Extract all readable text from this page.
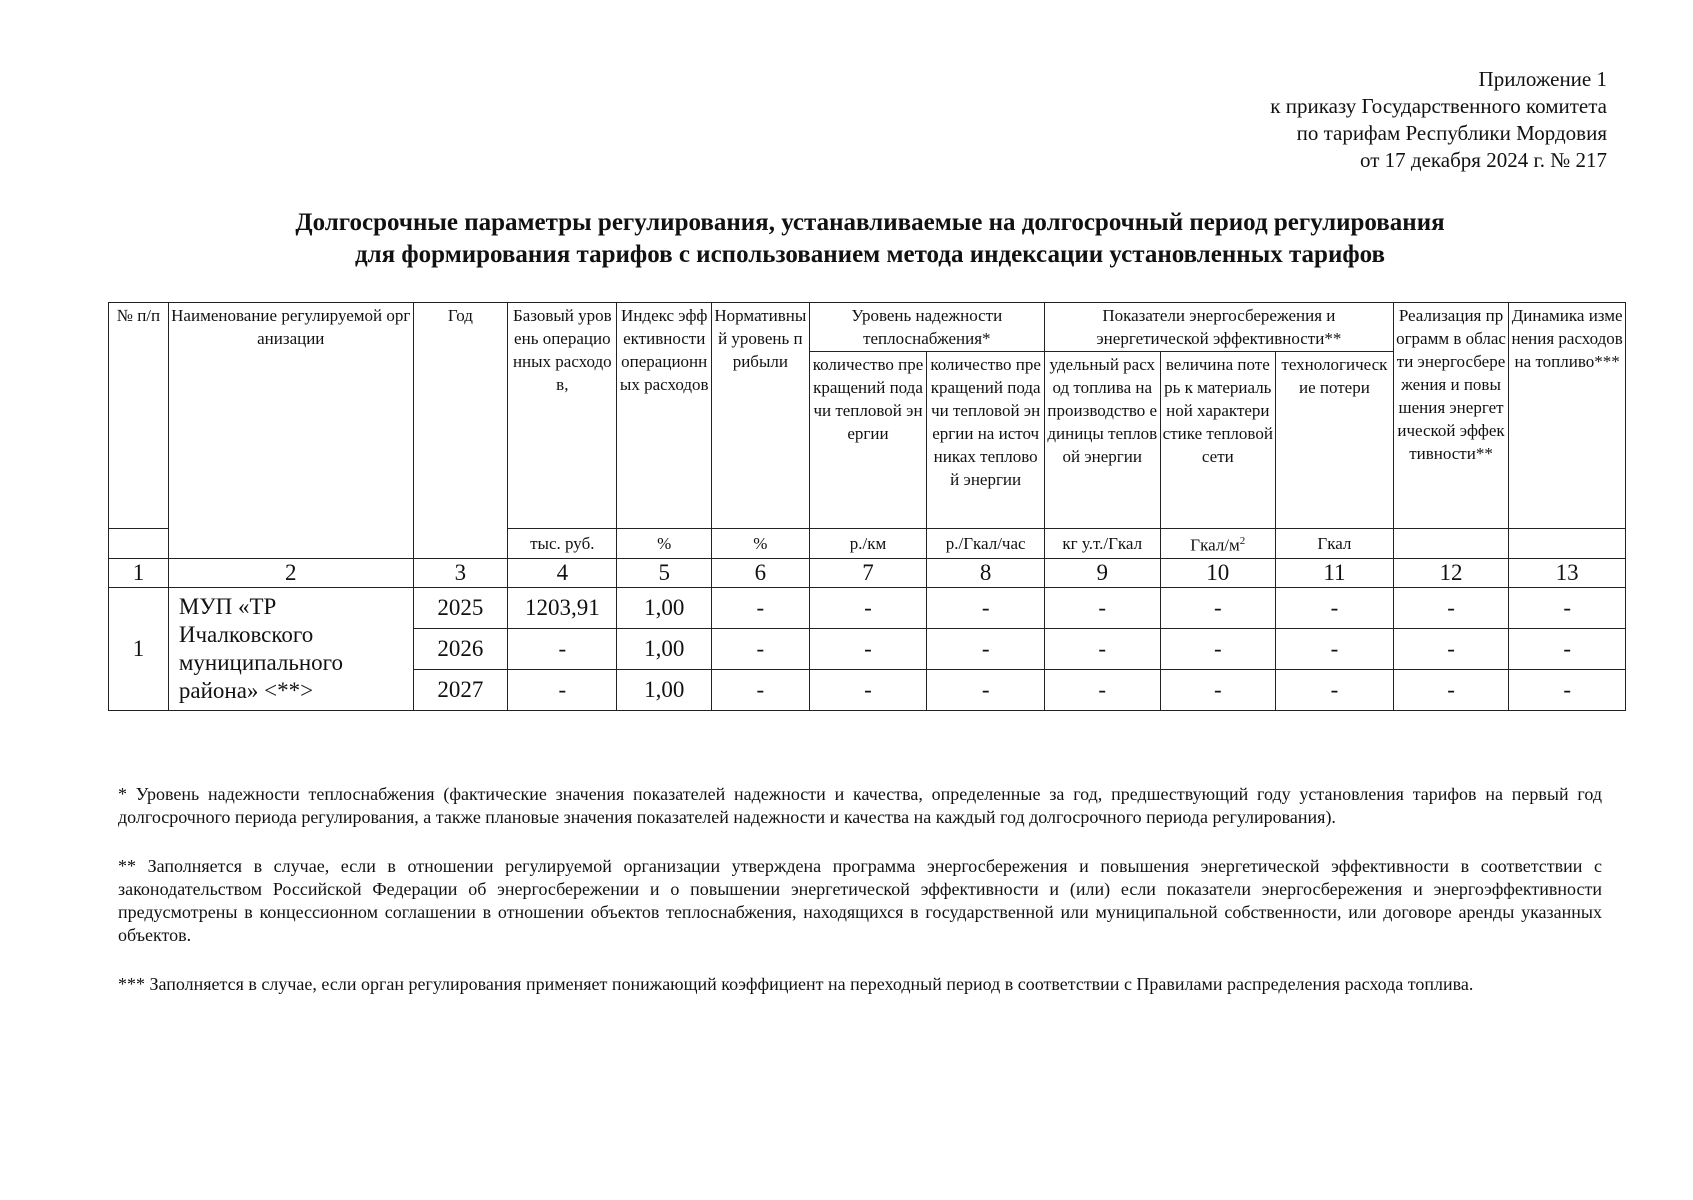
Приложение 1
к приказу Государственного комитета
по тарифам Республики Мордовия
от 17 декабря 2024 г. № 217
Долгосрочные параметры регулирования, устанавливаемые на долгосрочный период регулирования
для формирования тарифов с использованием метода индексации установленных тарифов
№ п/п	Наименование регулируемой организации	Год	Базовый уровень операционных расходов,	Индекс эффективности операционных расходов	Нормативный уровень прибыли	Уровень надежности теплоснабжения*		Показатели энергосбережения и энергетической эффективности**			Реализация программ в области энергосбережения и повышения энергетической эффективности**	Динамика изменения расходов на топливо***
						количество прекращений подачи тепловой энергии	количество прекращений подачи тепловой энергии на источниках тепловой энергии	удельный расход топлива на производство единицы тепловой энергии	величина потерь к материальной характеристике тепловой сети	технологические потери		
			тыс. руб.	%	%	р./км	р./Гкал/час	кг у.т./Гкал	Гкал/$м^2$	Гкал		
1	2	3	4	5	6	7	8	9	10	11	12	13
1	МУП «ТР Ичалковского муниципального района» <**>	2025	1203,91	1,00	-	-	-	-	-	-	-	-
		2026	-	1,00	-	-	-	-	-	-	-	-
		2027	-	1,00	-	-	-	-	-	-	-	-

* Уровень надежности теплоснабжения (фактические значения показателей надежности и качества, определенные за год, предшествующий году установления тарифов на первый год долгосрочного периода регулирования, а также плановые значения показателей надежности и качества на каждый год долгосрочного периода регулирования).

** Заполняется в случае, если в отношении регулируемой организации утверждена программа энергосбережения и повышения энергетической эффективности в соответствии с законодательством Российской Федерации об энергосбережении и о повышении энергетической эффективности и (или) если показатели энергосбережения и энергоэффективности предусмотрены в концессионном соглашении в отношении объектов теплоснабжения, находящихся в государственной или муниципальной собственности, или договоре аренды указанных объектов.

*** Заполняется в случае, если орган регулирования применяет понижающий коэффициент на переходный период в соответствии с Правилами распределения расхода топлива.
